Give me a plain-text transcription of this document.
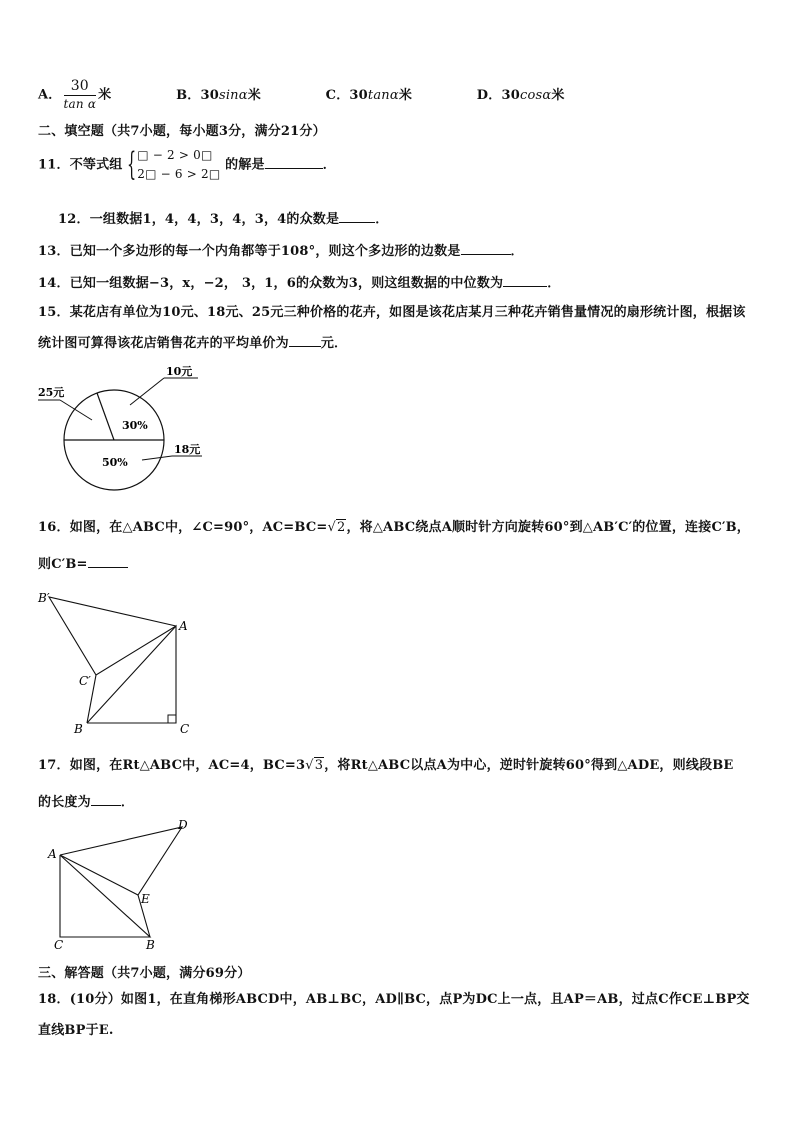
A． $\frac{30}{\text{tan α}}$ 米	B．30sinα米	C．30tanα米	D．30cosα米
二、填空题（共7小题，每小题3分，满分21分）
11．不等式组 { □ − 2 > 0□
2□ − 6 > 2□
的解是	．
12．一组数据1，4，4，3，4，3，4的众数是	．
13．已知一个多边形的每一个内角都等于108°，则这个多边形的边数是	．
14．已知一组数据−3，x，−2， 3，1，6的众数为3，则这组数据的中位数为	．
15．某花店有单位为10元、18元、25元三种价格的花卉，如图是该花店某月三种花卉销售量情况的扇形统计图，根据该统计图可算得该花店销售花卉的平均单价为 元．
10元
25元
18元
30%
50%
16．如图，在△ABC中，∠C=90°，AC=BC=√2，将△ABC绕点A顺时针方向旋转60°到△AB′C′的位置，连接C′B，
则C′B=
B′
A
C′
B	C
17．如图，在Rt△ABC中，AC=4，BC=3√3，将Rt△ABC以点A为中心，逆时针旋转60°得到△ADE，则线段BE
的长度为 ．
D
A
E
C	B
三、解答题（共7小题，满分69分）
18．(10分）如图1，在直角梯形ABCD中，AB⊥BC，AD∥BC，点P为DC上一点，且AP＝AB，过点C作CE⊥BP交直线BP于E.
